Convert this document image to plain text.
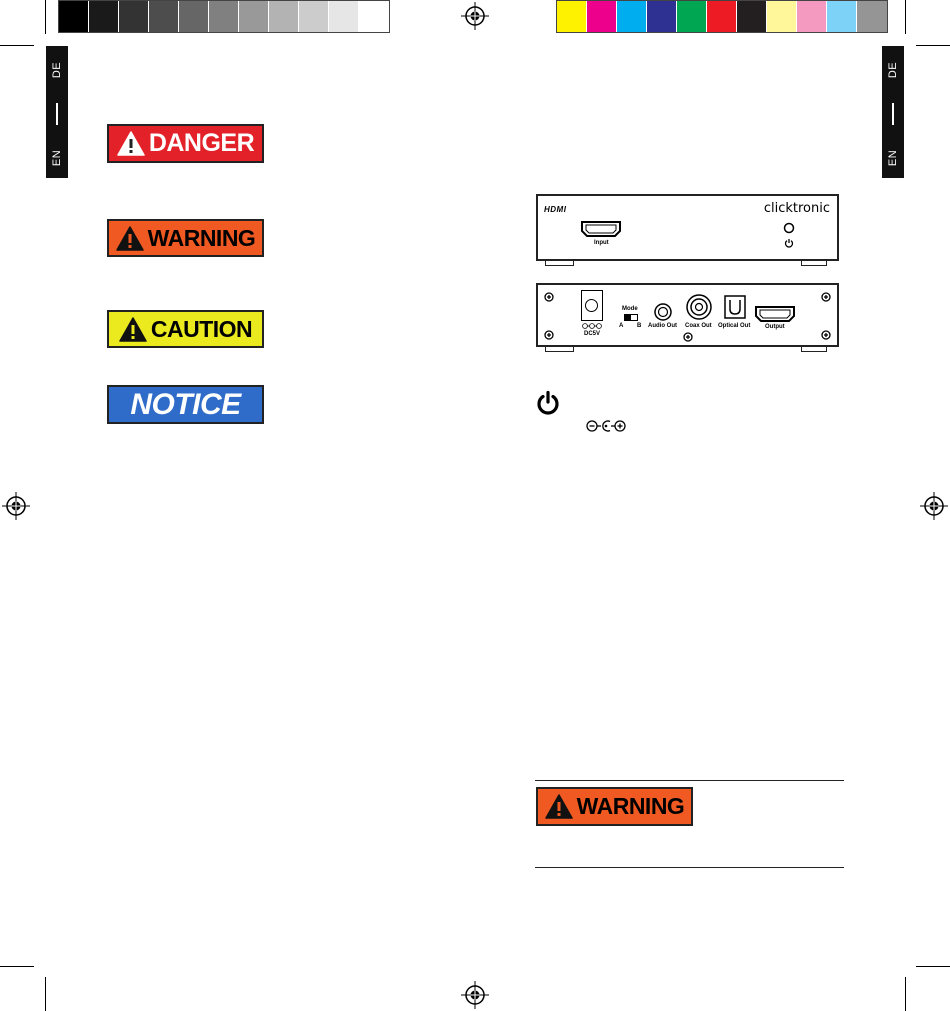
DE
EN
DE
EN
DANGER
WARNING
CAUTION
NOTICE
HDMI	clicktronic
Input
DC5V
Mode
A B Audio Out Coax Out Optical Out Output
WARNING
